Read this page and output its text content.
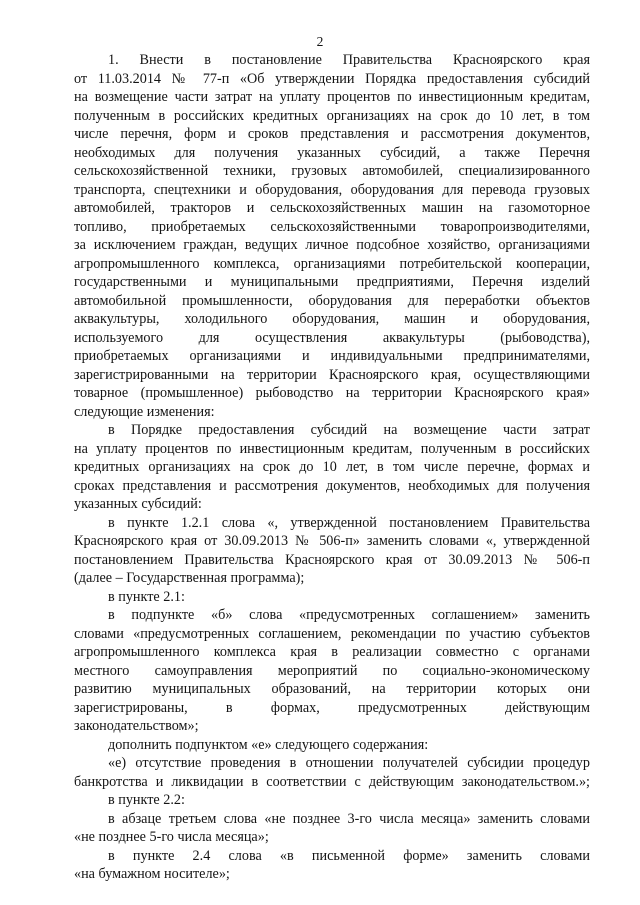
2
1. Внести в постановление Правительства Красноярского края
от 11.03.2014 № 77-п «Об утверждении Порядка предоставления субсидий
на возмещение части затрат на уплату процентов по инвестиционным кредитам,
полученным в российских кредитных организациях на срок до 10 лет, в том
числе перечня, форм и сроков представления и рассмотрения документов,
необходимых для получения указанных субсидий, а также Перечня
сельскохозяйственной техники, грузовых автомобилей, специализированного
транспорта, спецтехники и оборудования, оборудования для перевода грузовых
автомобилей, тракторов и сельскохозяйственных машин на газомоторное
топливо, приобретаемых сельскохозяйственными товаропроизводителями,
за исключением граждан, ведущих личное подсобное хозяйство, организациями
агропромышленного комплекса, организациями потребительской кооперации,
государственными и муниципальными предприятиями, Перечня изделий
автомобильной промышленности, оборудования для переработки объектов
аквакультуры, холодильного оборудования, машин и оборудования,
используемого для осуществления аквакультуры (рыбоводства),
приобретаемых организациями и индивидуальными предпринимателями,
зарегистрированными на территории Красноярского края, осуществляющими
товарное (промышленное) рыбоводство на территории Красноярского края»
следующие изменения:
в Порядке предоставления субсидий на возмещение части затрат
на уплату процентов по инвестиционным кредитам, полученным в российских
кредитных организациях на срок до 10 лет, в том числе перечне, формах и
сроках представления и рассмотрения документов, необходимых для получения
указанных субсидий:
в пункте 1.2.1 слова «, утвержденной постановлением Правительства
Красноярского края от 30.09.2013 № 506-п» заменить словами «, утвержденной
постановлением Правительства Красноярского края от 30.09.2013 № 506-п
(далее – Государственная программа);
в пункте 2.1:
в подпункте «б» слова «предусмотренных соглашением» заменить
словами «предусмотренных соглашением, рекомендации по участию субъектов
агропромышленного комплекса края в реализации совместно с органами
местного самоуправления мероприятий по социально-экономическому
развитию муниципальных образований, на территории которых они
зарегистрированы, в формах, предусмотренных действующим
законодательством»;
дополнить подпунктом «е» следующего содержания:
«е) отсутствие проведения в отношении получателей субсидии процедур
банкротства и ликвидации в соответствии с действующим законодательством.»;
в пункте 2.2:
в абзаце третьем слова «не позднее 3-го числа месяца» заменить словами
«не позднее 5-го числа месяца»;
в пункте 2.4 слова «в письменной форме» заменить словами
«на бумажном носителе»;
